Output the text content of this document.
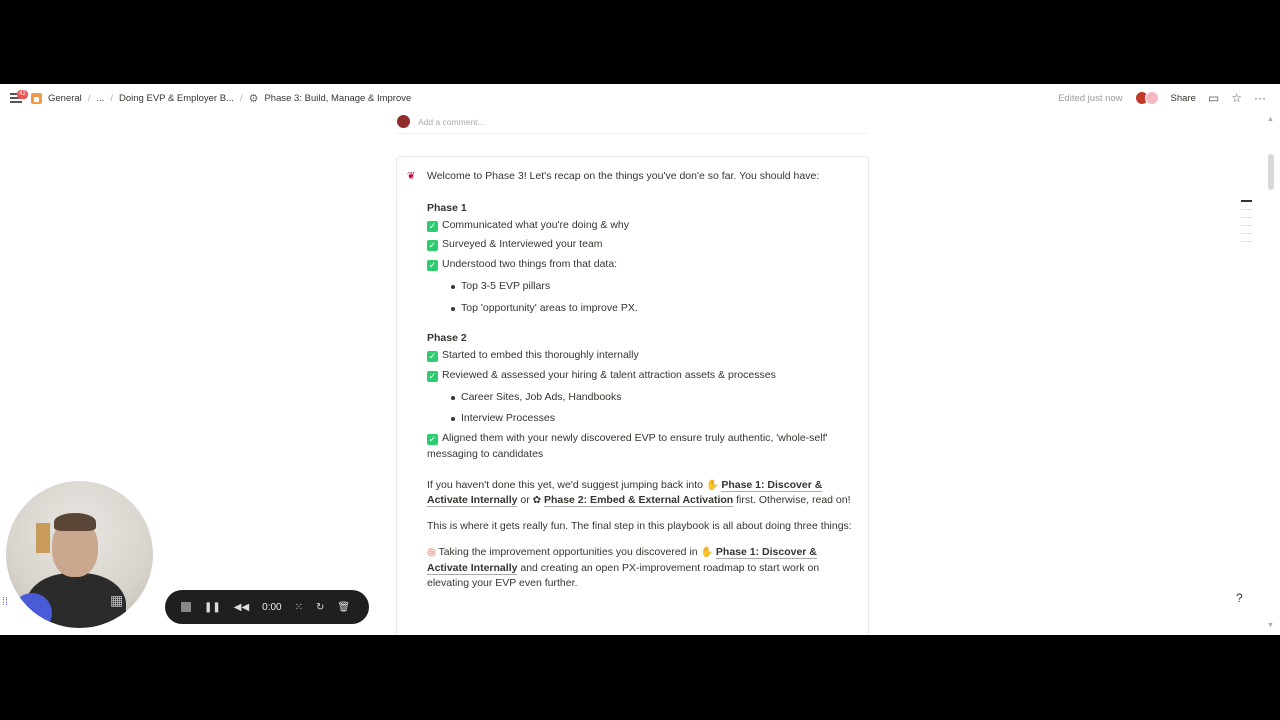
42 General / ... / Doing EVP & Employer B... / ⚙ Phase 3: Build, Manage & Improve	Edited just now	Share ▭ ☆ ···
Add a comment...
❦ Welcome to Phase 3! Let's recap on the things you've don'e so far. You should have:
Phase 1
✓ Communicated what you're doing & why
✓ Surveyed & Interviewed your team
✓ Understood two things from that data:
Top 3-5 EVP pillars
Top 'opportunity' areas to improve PX.
Phase 2
✓ Started to embed this thoroughly internally
✓ Reviewed & assessed your hiring & talent attraction assets & processes
Career Sites, Job Ads, Handbooks
Interview Processes
✓ Aligned them with your newly discovered EVP to ensure truly authentic, 'whole-self' messaging to candidates
If you haven't done this yet, we'd suggest jumping back into ✋ Phase 1: Discover & Activate Internally or ✿ Phase 2: Embed & External Activation first. Otherwise, read on!
This is where it gets really fun. The final step in this playbook is all about doing three things:
◎ Taking the improvement opportunities you discovered in ✋ Phase 1: Discover & Activate Internally and creating an open PX-improvement roadmap to start work on elevating your EVP even further.
▲
▼
?
⁞⁞	▦	❚❚ ◀◀ 0:00 ⁙ ↻ 🗑
